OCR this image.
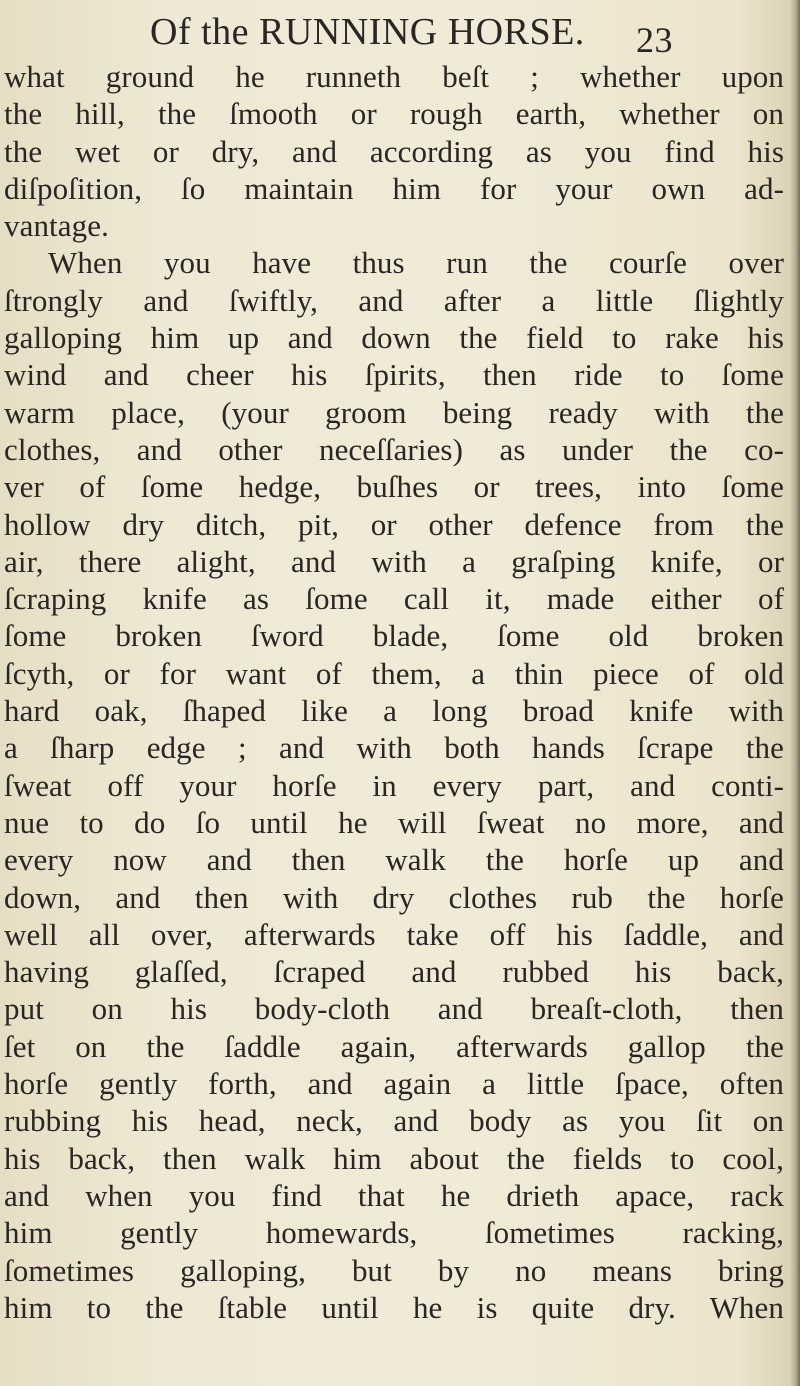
Of the RUNNING HORSE. 23
what ground he runneth beſt ; whether upon
the hill, the ſmooth or rough earth, whether on
the wet or dry, and according as you find his
diſpoſition, ſo maintain him for your own ad-
vantage.
When you have thus run the courſe over
ſtrongly and ſwiftly, and after a little ſlightly
galloping him up and down the field to rake his
wind and cheer his ſpirits, then ride to ſome
warm place, (your groom being ready with the
clothes, and other neceſſaries) as under the co-
ver of ſome hedge, buſhes or trees, into ſome
hollow dry ditch, pit, or other defence from the
air, there alight, and with a graſping knife, or
ſcraping knife as ſome call it, made either of
ſome broken ſword blade, ſome old broken
ſcyth, or for want of them, a thin piece of old
hard oak, ſhaped like a long broad knife with
a ſharp edge ; and with both hands ſcrape the
ſweat off your horſe in every part, and conti-
nue to do ſo until he will ſweat no more, and
every now and then walk the horſe up and
down, and then with dry clothes rub the horſe
well all over, afterwards take off his ſaddle, and
having glaſſed, ſcraped and rubbed his back,
put on his body-cloth and breaſt-cloth, then
ſet on the ſaddle again, afterwards gallop the
horſe gently forth, and again a little ſpace, often
rubbing his head, neck, and body as you ſit on
his back, then walk him about the fields to cool,
and when you find that he drieth apace, rack
him gently homewards, ſometimes racking,
ſometimes galloping, but by no means bring
him to the ſtable until he is quite dry. When
